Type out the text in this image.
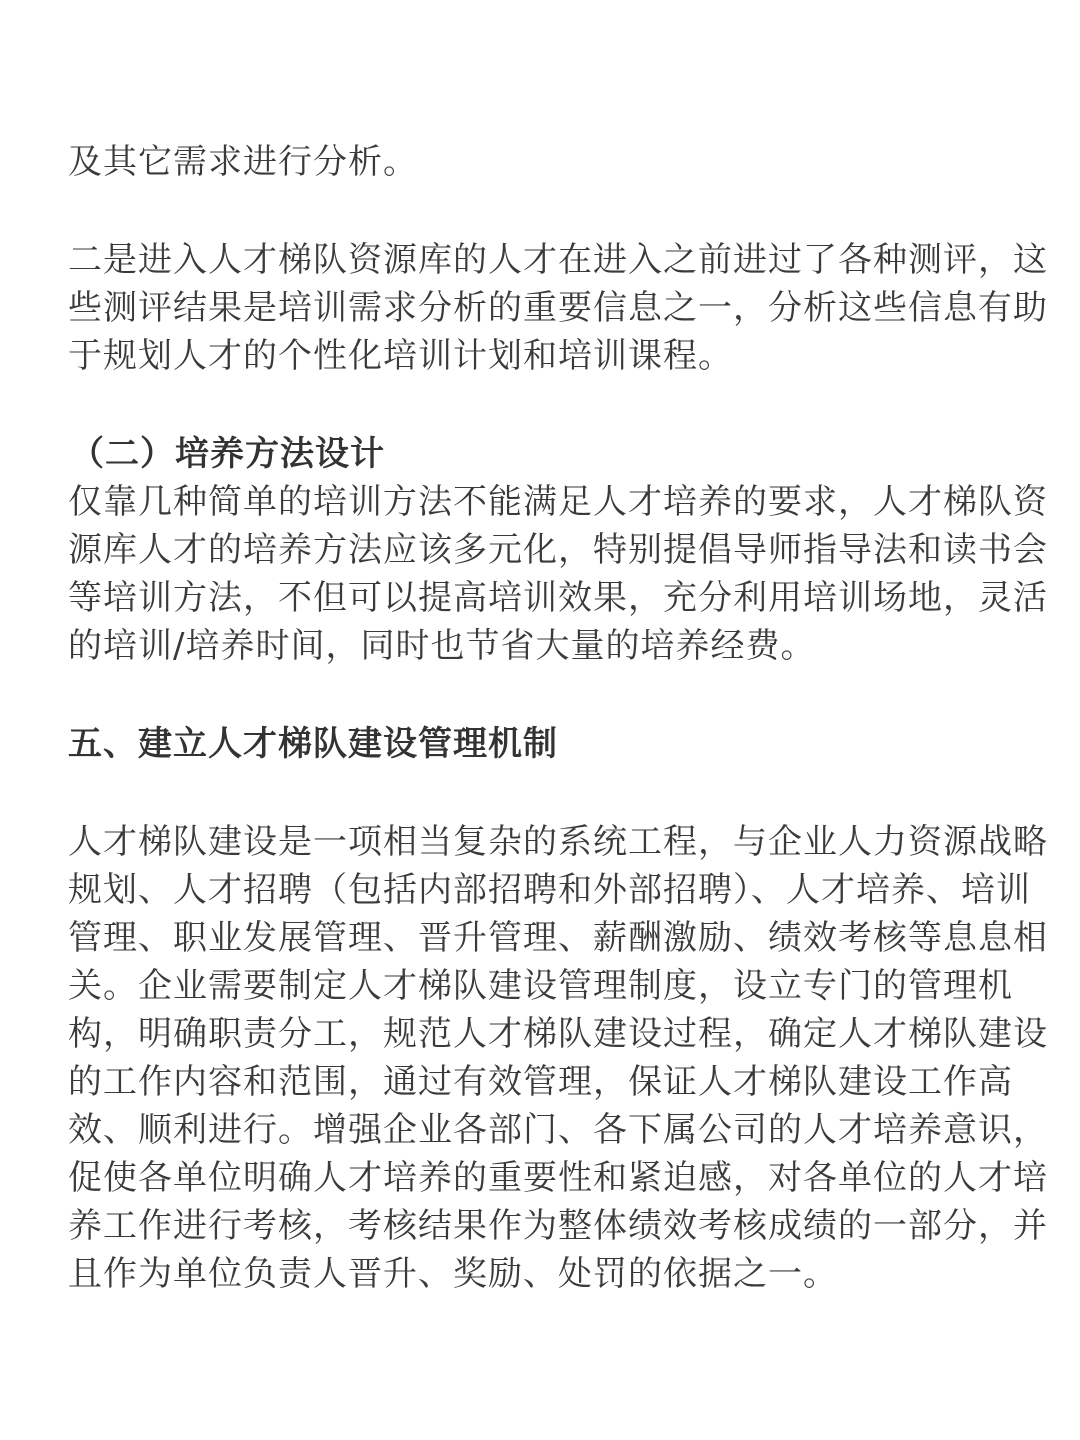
及其它需求进行分析。
二是进入人才梯队资源库的人才在进入之前进过了各种测评，这
些测评结果是培训需求分析的重要信息之一，分析这些信息有助
于规划人才的个性化培训计划和培训课程。
（二）培养方法设计
仅靠几种简单的培训方法不能满足人才培养的要求，人才梯队资
源库人才的培养方法应该多元化，特别提倡导师指导法和读书会
等培训方法，不但可以提高培训效果，充分利用培训场地，灵活
的培训/培养时间，同时也节省大量的培养经费。
五、建立人才梯队建设管理机制
人才梯队建设是一项相当复杂的系统工程，与企业人力资源战略
规划、人才招聘（包括内部招聘和外部招聘）、人才培养、培训
管理、职业发展管理、晋升管理、薪酬激励、绩效考核等息息相
关。企业需要制定人才梯队建设管理制度，设立专门的管理机
构，明确职责分工，规范人才梯队建设过程，确定人才梯队建设
的工作内容和范围，通过有效管理，保证人才梯队建设工作高
效、顺利进行。增强企业各部门、各下属公司的人才培养意识，
促使各单位明确人才培养的重要性和紧迫感，对各单位的人才培
养工作进行考核，考核结果作为整体绩效考核成绩的一部分，并
且作为单位负责人晋升、奖励、处罚的依据之一。
